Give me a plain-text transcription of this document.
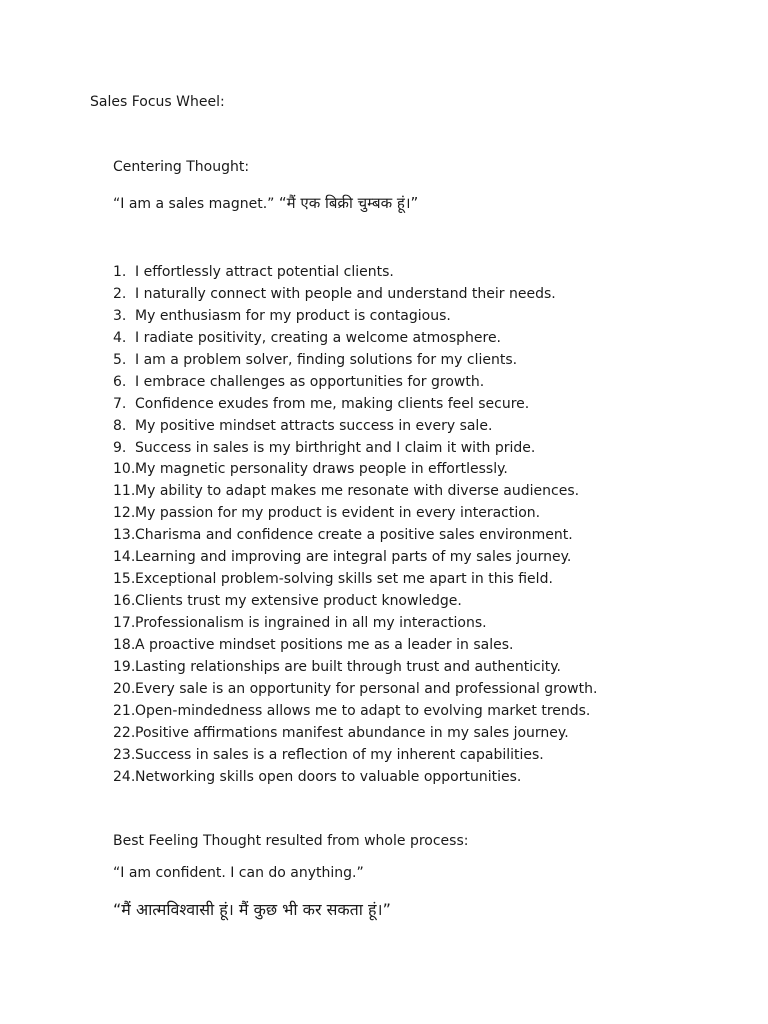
Sales Focus Wheel:
Centering Thought:
“I am a sales magnet.” “मैं एक बिक्री चुम्बक हूं।”
1. I effortlessly attract potential clients.
2. I naturally connect with people and understand their needs.
3. My enthusiasm for my product is contagious.
4. I radiate positivity, creating a welcome atmosphere.
5. I am a problem solver, finding solutions for my clients.
6. I embrace challenges as opportunities for growth.
7. Confidence exudes from me, making clients feel secure.
8. My positive mindset attracts success in every sale.
9. Success in sales is my birthright and I claim it with pride.
10. My magnetic personality draws people in effortlessly.
11. My ability to adapt makes me resonate with diverse audiences.
12. My passion for my product is evident in every interaction.
13. Charisma and confidence create a positive sales environment.
14. Learning and improving are integral parts of my sales journey.
15. Exceptional problem-solving skills set me apart in this field.
16. Clients trust my extensive product knowledge.
17. Professionalism is ingrained in all my interactions.
18. A proactive mindset positions me as a leader in sales.
19. Lasting relationships are built through trust and authenticity.
20. Every sale is an opportunity for personal and professional growth.
21. Open-mindedness allows me to adapt to evolving market trends.
22. Positive affirmations manifest abundance in my sales journey.
23. Success in sales is a reflection of my inherent capabilities.
24. Networking skills open doors to valuable opportunities.
Best Feeling Thought resulted from whole process:
“I am confident. I can do anything.”
“मैं आत्मविश्वासी हूं। मैं कुछ भी कर सकता हूं।”
